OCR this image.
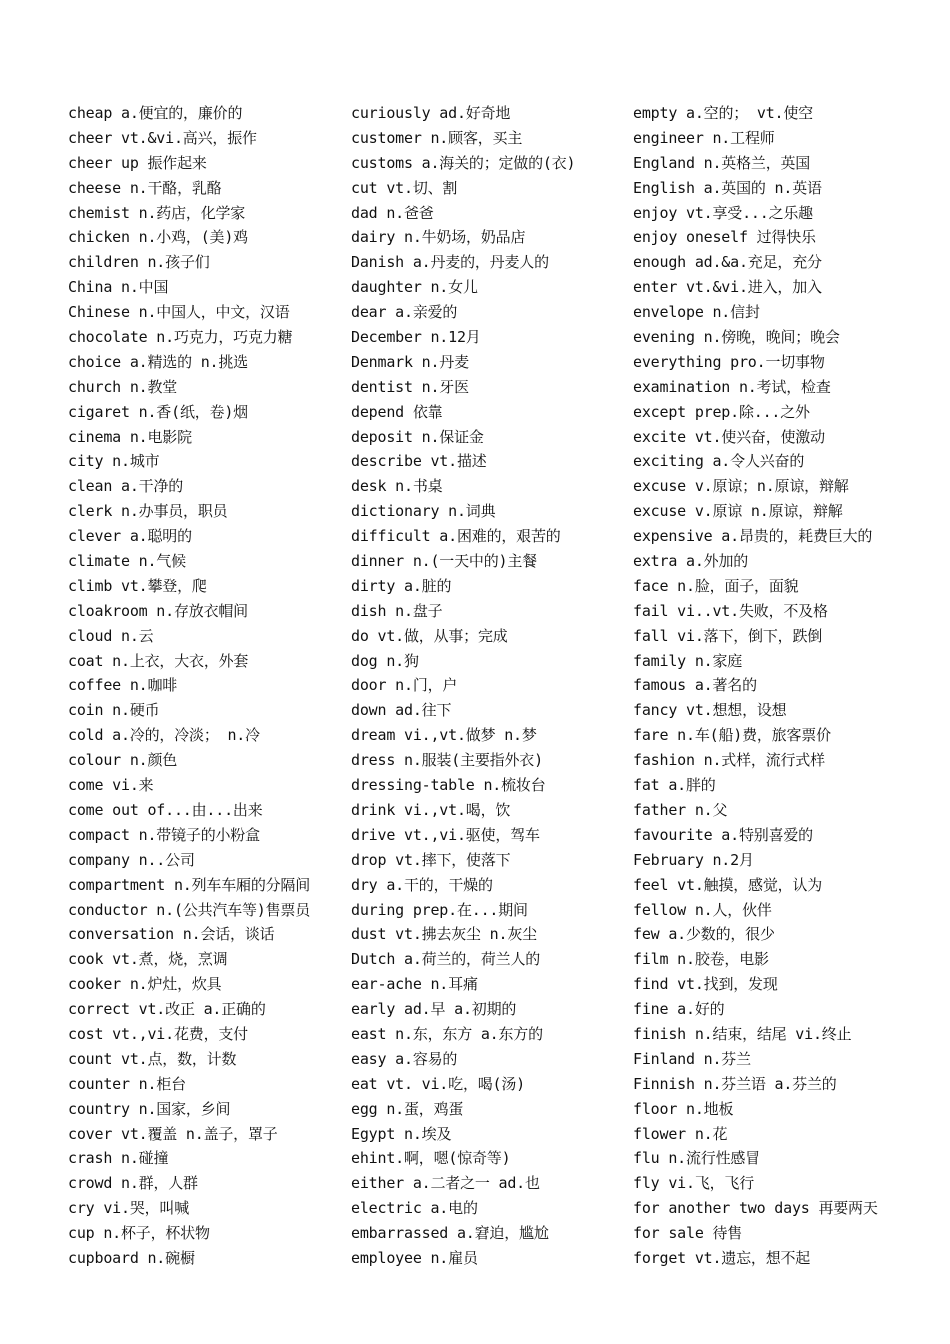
cheap a.便宜的，廉价的
cheer vt.&vi.高兴，振作
cheer up 振作起来
cheese n.干酪，乳酪
chemist n.药店，化学家
chicken n.小鸡，(美)鸡
children n.孩子们
China n.中国
Chinese n.中国人，中文，汉语
chocolate n.巧克力，巧克力糖
choice a.精选的 n.挑选
church n.教堂
cigaret n.香(纸，卷)烟
cinema n.电影院
city n.城市
clean a.干净的
clerk n.办事员，职员
clever a.聪明的
climate n.气候
climb vt.攀登，爬
cloakroom n.存放衣帽间
cloud n.云
coat n.上衣，大衣，外套
coffee n.咖啡
coin n.硬币
cold a.冷的，冷淡； n.冷
colour n.颜色
come vi.来
come out of...由...出来
compact n.带镜子的小粉盒
company n..公司
compartment n.列车车厢的分隔间
conductor n.(公共汽车等)售票员
conversation n.会话，谈话
cook vt.煮，烧，烹调
cooker n.炉灶，炊具
correct vt.改正 a.正确的
cost vt.,vi.花费，支付
count vt.点，数，计数
counter n.柜台
country n.国家，乡间
cover vt.覆盖 n.盖子，罩子
crash n.碰撞
crowd n.群，人群
cry vi.哭，叫喊
cup n.杯子，杯状物
cupboard n.碗橱
curiously ad.好奇地
customer n.顾客，买主
customs a.海关的；定做的(衣)
cut vt.切、割
dad n.爸爸
dairy n.牛奶场，奶品店
Danish a.丹麦的，丹麦人的
daughter n.女儿
dear a.亲爱的
December n.12月
Denmark n.丹麦
dentist n.牙医
depend 依靠
deposit n.保证金
describe vt.描述
desk n.书桌
dictionary n.词典
difficult a.困难的，艰苦的
dinner n.(一天中的)主餐
dirty a.脏的
dish n.盘子
do vt.做，从事；完成
dog n.狗
door n.门，户
down ad.往下
dream vi.,vt.做梦 n.梦
dress n.服装(主要指外衣)
dressing-table n.梳妆台
drink vi.,vt.喝，饮
drive vt.,vi.驱使，驾车
drop vt.摔下，使落下
dry a.干的，干燥的
during prep.在...期间
dust vt.拂去灰尘 n.灰尘
Dutch a.荷兰的，荷兰人的
ear-ache n.耳痛
early ad.早 a.初期的
east n.东，东方 a.东方的
easy a.容易的
eat vt. vi.吃，喝(汤)
egg n.蛋，鸡蛋
Egypt n.埃及
ehint.啊，嗯(惊奇等)
either a.二者之一 ad.也
electric a.电的
embarrassed a.窘迫，尴尬
employee n.雇员
empty a.空的； vt.使空
engineer n.工程师
England n.英格兰，英国
English a.英国的 n.英语
enjoy vt.享受...之乐趣
enjoy oneself 过得快乐
enough ad.&a.充足，充分
enter vt.&vi.进入，加入
envelope n.信封
evening n.傍晚，晚间；晚会
everything pro.一切事物
examination n.考试，检查
except prep.除...之外
excite vt.使兴奋，使激动
exciting a.令人兴奋的
excuse v.原谅；n.原谅，辩解
excuse v.原谅 n.原谅，辩解
expensive a.昂贵的，耗费巨大的
extra a.外加的
face n.脸，面子，面貌
fail vi..vt.失败，不及格
fall vi.落下，倒下，跌倒
family n.家庭
famous a.著名的
fancy vt.想想，设想
fare n.车(船)费，旅客票价
fashion n.式样，流行式样
fat a.胖的
father n.父
favourite a.特别喜爱的
February n.2月
feel vt.触摸，感觉，认为
fellow n.人，伙伴
few a.少数的，很少
film n.胶卷，电影
find vt.找到，发现
fine a.好的
finish n.结束，结尾 vi.终止
Finland n.芬兰
Finnish n.芬兰语 a.芬兰的
floor n.地板
flower n.花
flu n.流行性感冒
fly vi.飞，飞行
for another two days 再要两天
for sale 待售
forget vt.遗忘，想不起
